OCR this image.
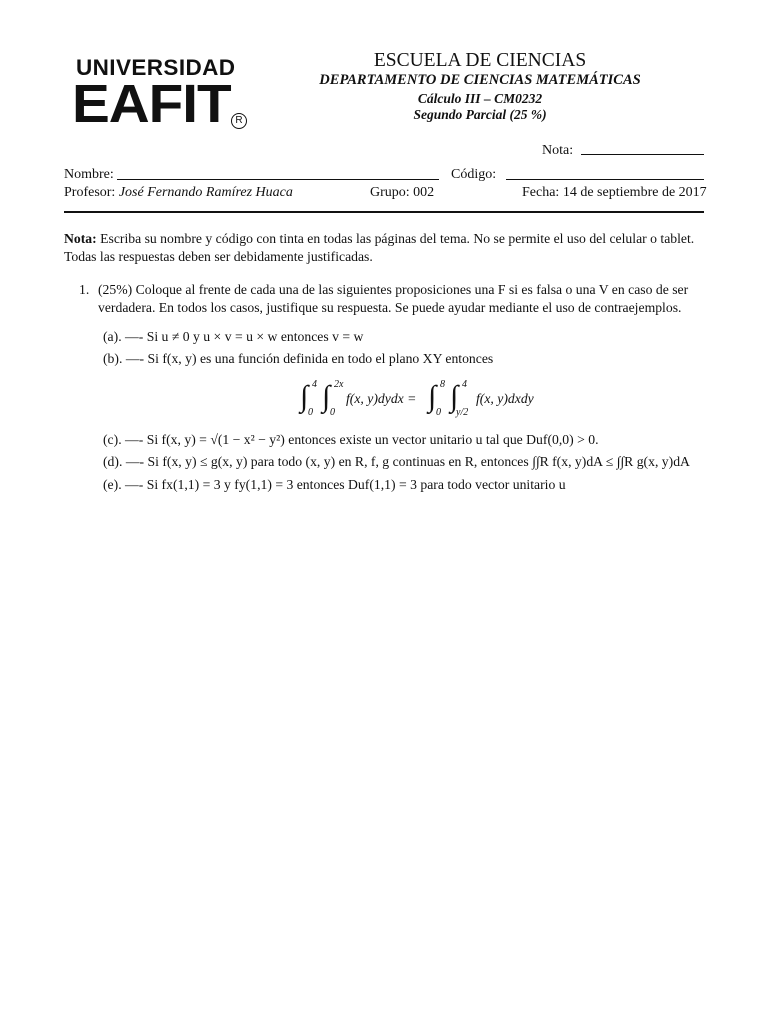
UNIVERSIDAD
EAFIT R
ESCUELA DE CIENCIAS
DEPARTAMENTO DE CIENCIAS MATEMÁTICAS
Cálculo III – CM0232
Segundo Parcial (25 %)
Nota:
Nombre:	Código:
Profesor: José Fernando Ramírez Huaca	Grupo: 002	Fecha: 14 de septiembre de 2017
Nota: Escriba su nombre y código con tinta en todas las páginas del tema. No se permite el uso del celular o tablet.
Todas las respuestas deben ser debidamente justificadas.
1. (25%) Coloque al frente de cada una de las siguientes proposiciones una F si es falsa o una V en caso de ser
verdadera. En todos los casos, justifique su respuesta. Se puede ayudar mediante el uso de contraejemplos.
(a). —- Si u ≠ 0 y u × v = u × w entonces v = w
(b). —- Si f(x, y) es una función definida en todo el plano XY entonces
∫ 4
0 ∫ 2x
0
f(x, y)dydx = ∫ 8
0 ∫ 4
y/2
f(x, y)dxdy
(c). —- Si f(x, y) = √(1 − x² − y²) entonces existe un vector unitario u tal que Duf(0,0) > 0.
(d). —- Si f(x, y) ≤ g(x, y) para todo (x, y) en R, f, g continuas en R, entonces ∫∫R f(x, y)dA ≤ ∫∫R g(x, y)dA
(e). —- Si fx(1,1) = 3 y fy(1,1) = 3 entonces Duf(1,1) = 3 para todo vector unitario u
